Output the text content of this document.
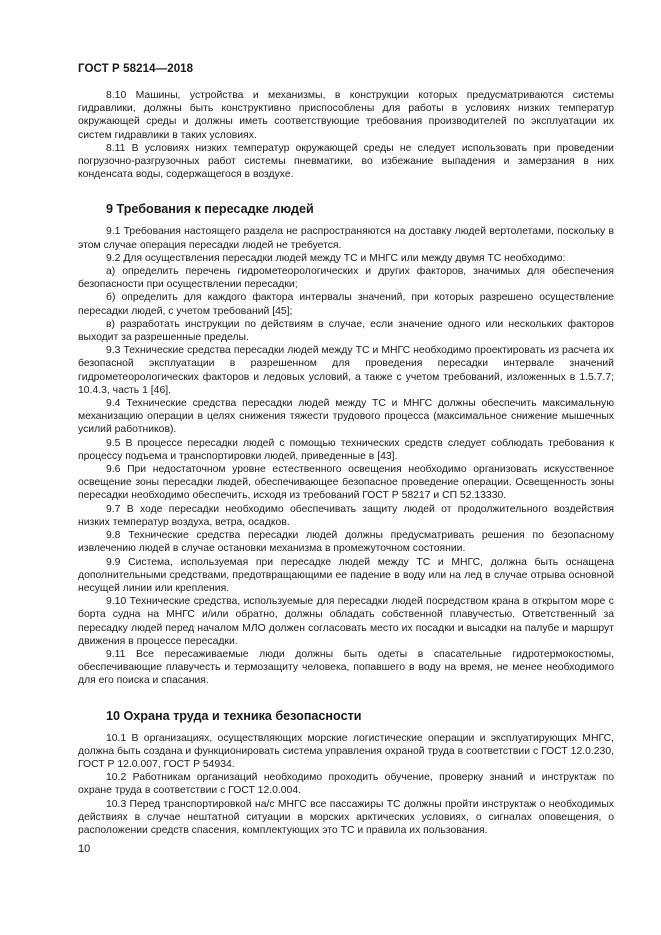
ГОСТ Р 58214—2018

8.10 Машины, устройства и механизмы, в конструкции которых предусматриваются системы гидравлики, должны быть конструктивно приспособлены для работы в условиях низких температур окружающей среды и должны иметь соответствующие требования производителей по эксплуатации их систем гидравлики в таких условиях.

8.11 В условиях низких температур окружающей среды не следует использовать при проведении погрузочно-разгрузочных работ системы пневматики, во избежание выпадения и замерзания в них конденсата воды, содержащегося в воздухе.

9 Требования к пересадке людей

9.1 Требования настоящего раздела не распространяются на доставку людей вертолетами, поскольку в этом случае операция пересадки людей не требуется.

9.2 Для осуществления пересадки людей между ТС и МНГС или между двумя ТС необходимо:

а) определить перечень гидрометеорологических и других факторов, значимых для обеспечения безопасности при осуществлении пересадки;

б) определить для каждого фактора интервалы значений, при которых разрешено осуществление пересадки людей, с учетом требований [45];

в) разработать инструкции по действиям в случае, если значение одного или нескольких факторов выходит за разрешенные пределы.

9.3 Технические средства пересадки людей между ТС и МНГС необходимо проектировать из расчета их безопасной эксплуатации в разрешенном для проведения пересадки интервале значений гидрометеорологических факторов и ледовых условий, а также с учетом требований, изложенных в 1.5.7.7; 10.4.3, часть 1 [46].

9.4 Технические средства пересадки людей между ТС и МНГС должны обеспечить максимальную механизацию операции в целях снижения тяжести трудового процесса (максимальное снижение мышечных усилий работников).

9.5 В процессе пересадки людей с помощью технических средств следует соблюдать требования к процессу подъема и транспортировки людей, приведенные в [43].

9.6 При недостаточном уровне естественного освещения необходимо организовать искусственное освещение зоны пересадки людей, обеспечивающее безопасное проведение операции. Освещенность зоны пересадки необходимо обеспечить, исходя из требований ГОСТ Р 58217 и СП 52.13330.

9.7 В ходе пересадки необходимо обеспечивать защиту людей от продолжительного воздействия низких температур воздуха, ветра, осадков.

9.8 Технические средства пересадки людей должны предусматривать решения по безопасному извлечению людей в случае остановки механизма в промежуточном состоянии.

9.9 Система, используемая при пересадке людей между ТС и МНГС, должна быть оснащена дополнительными средствами, предотвращающими ее падение в воду или на лед в случае отрыва основной несущей линии или крепления.

9.10 Технические средства, используемые для пересадки людей посредством крана в открытом море с борта судна на МНГС и/или обратно, должны обладать собственной плавучестью. Ответственный за пересадку людей перед началом МЛО должен согласовать место их посадки и высадки на палубе и маршрут движения в процессе пересадки.

9.11 Все пересаживаемые люди должны быть одеты в спасательные гидротермокостюмы, обеспечивающие плавучесть и термозащиту человека, попавшего в воду на время, не менее необходимого для его поиска и спасания.

10 Охрана труда и техника безопасности

10.1 В организациях, осуществляющих морские логистические операции и эксплуатирующих МНГС, должна быть создана и функционировать система управления охраной труда в соответствии с ГОСТ 12.0.230, ГОСТ Р 12.0.007, ГОСТ Р 54934.

10.2 Работникам организаций необходимо проходить обучение, проверку знаний и инструктаж по охране труда в соответствии с ГОСТ 12.0.004.

10.3 Перед транспортировкой на/с МНГС все пассажиры ТС должны пройти инструктаж о необходимых действиях в случае нештатной ситуации в морских арктических условиях, о сигналах оповещения, о расположении средств спасения, комплектующих это ТС и правила их пользования.

10
